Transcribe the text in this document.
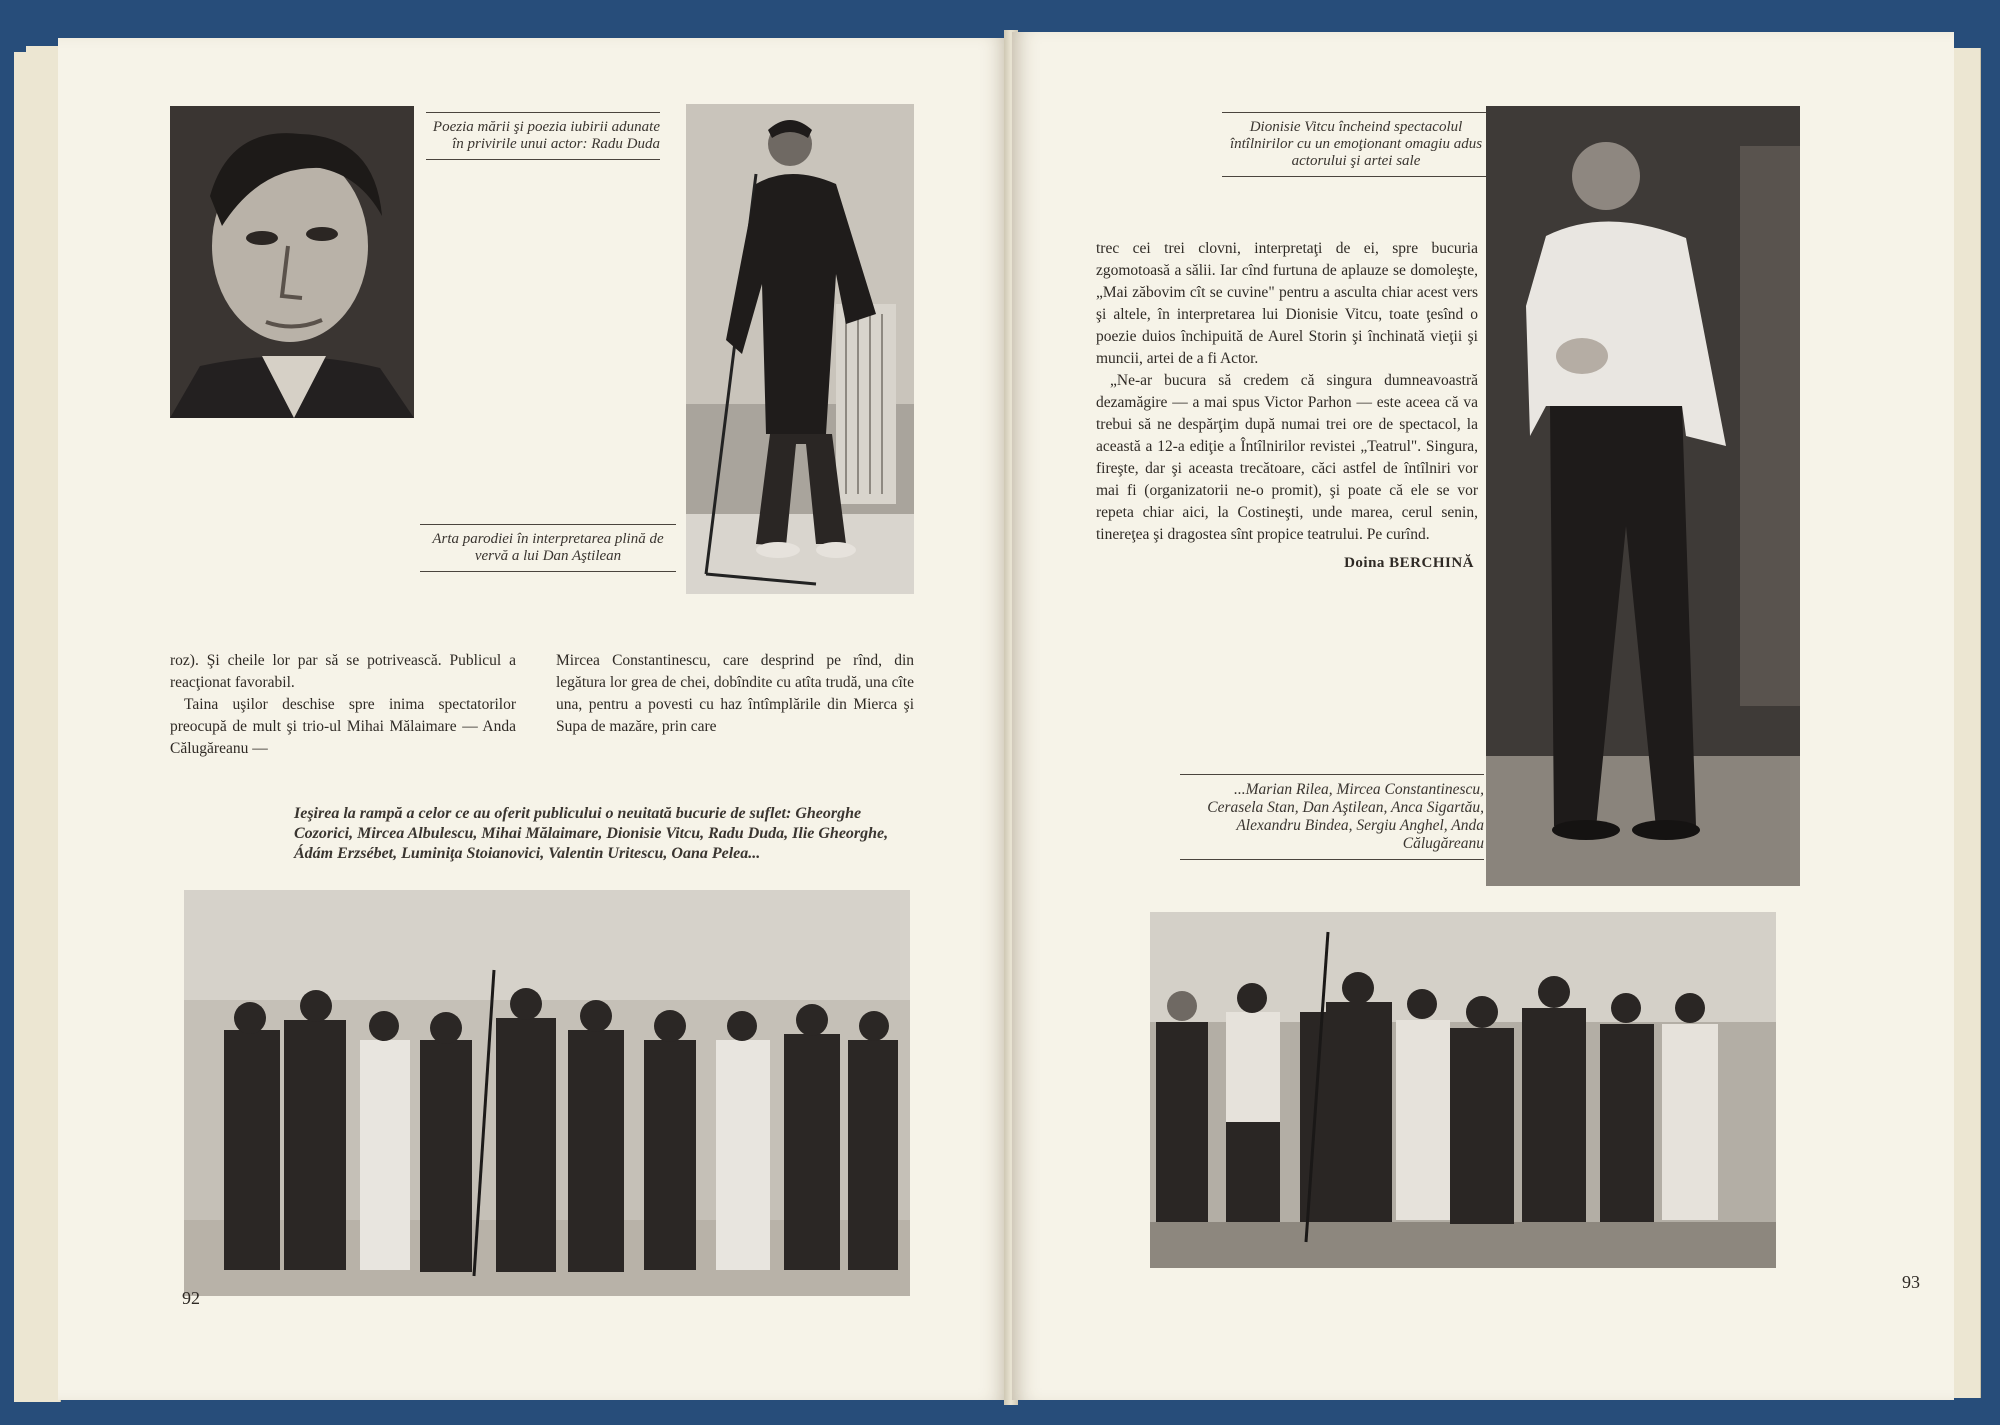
Poezia mării şi poezia iubirii adunate în privirile unui actor: Radu Duda
Arta parodiei în interpretarea plină de vervă a lui Dan Aştilean

roz). Şi cheile lor par să se potrivească. Publicul a reacţionat favorabil.

Taina uşilor deschise spre inima spectatorilor preocupă de mult şi trio-ul Mihai Mălaimare — Anda Călugăreanu —

Mircea Constantinescu, care desprind pe rînd, din legătura lor grea de chei, dobîndite cu atîta trudă, una cîte una, pentru a povesti cu haz întîmplările din Mierca şi Supa de mazăre, prin care

Ieşirea la rampă a celor ce au oferit publicului o neuitată bucurie de suflet: Gheorghe Cozorici, Mircea Albulescu, Mihai Mălaimare, Dionisie Vitcu, Radu Duda, Ilie Gheorghe, Ádám Erzsébet, Luminiţa Stoianovici, Valentin Uritescu, Oana Pelea...
92
Dionisie Vitcu încheind spectacolul întîlnirilor cu un emoţionant omagiu adus actorului şi artei sale

trec cei trei clovni, interpretaţi de ei, spre bucuria zgomotoasă a sălii. Iar cînd furtuna de aplauze se domoleşte, „Mai zăbovim cît se cuvine" pentru a asculta chiar acest vers şi altele, în interpretarea lui Dionisie Vitcu, toate ţesînd o poezie duios închipuită de Aurel Storin şi închinată vieţii şi muncii, artei de a fi Actor.

„Ne-ar bucura să credem că singura dumneavoastră dezamăgire — a mai spus Victor Parhon — este aceea că va trebui să ne despărţim după numai trei ore de spectacol, la această a 12-a ediţie a Întîlnirilor revistei „Teatrul". Singura, fireşte, dar şi aceasta trecătoare, căci astfel de întîlniri vor mai fi (organizatorii ne-o promit), şi poate că ele se vor repeta chiar aici, la Costineşti, unde marea, cerul senin, tinereţea şi dragostea sînt propice teatrului. Pe curînd.

Doina BERCHINĂ

...Marian Rilea, Mircea Constantinescu, Cerasela Stan, Dan Aştilean, Anca Sigartău, Alexandru Bindea, Sergiu Anghel, Anda Călugăreanu
93
